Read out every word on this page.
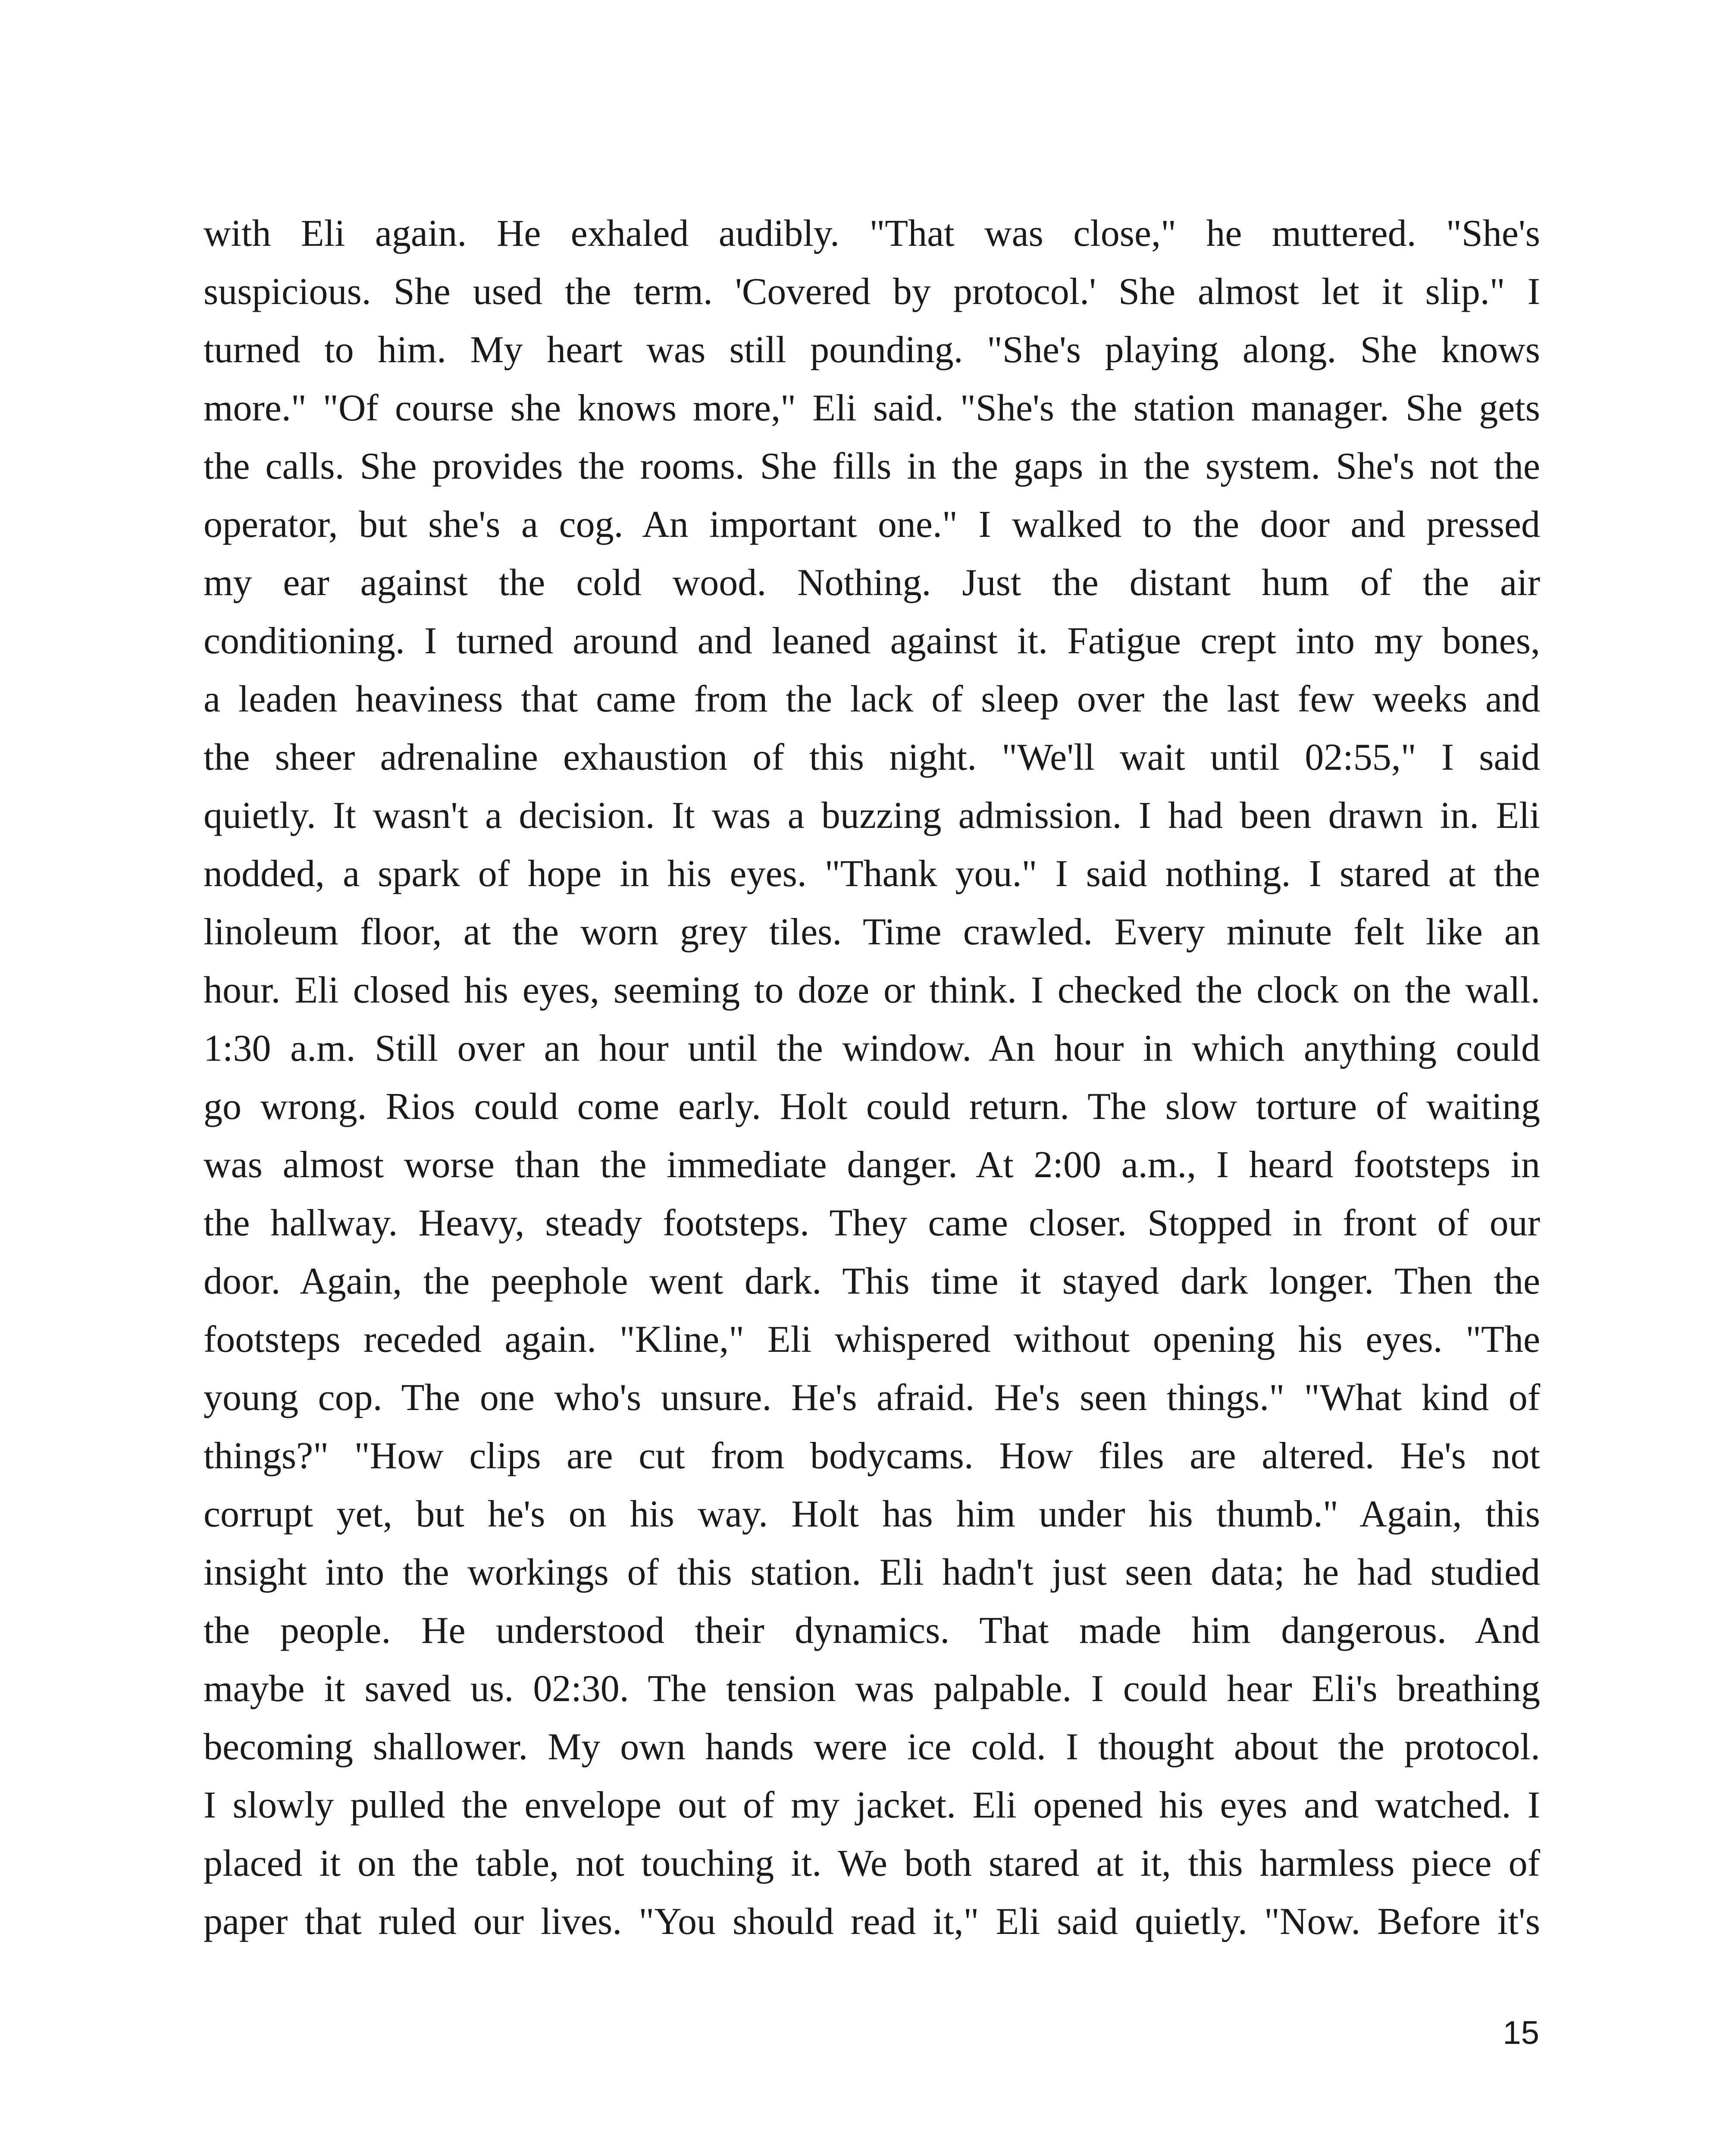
with Eli again. He exhaled audibly. "That was close," he muttered. "She's
suspicious. She used the term. 'Covered by protocol.' She almost let it slip." I
turned to him. My heart was still pounding. "She's playing along. She knows
more." "Of course she knows more," Eli said. "She's the station manager. She gets
the calls. She provides the rooms. She fills in the gaps in the system. She's not the
operator, but she's a cog. An important one." I walked to the door and pressed
my ear against the cold wood. Nothing. Just the distant hum of the air
conditioning. I turned around and leaned against it. Fatigue crept into my bones,
a leaden heaviness that came from the lack of sleep over the last few weeks and
the sheer adrenaline exhaustion of this night. "We'll wait until 02:55," I said
quietly. It wasn't a decision. It was a buzzing admission. I had been drawn in. Eli
nodded, a spark of hope in his eyes. "Thank you." I said nothing. I stared at the
linoleum floor, at the worn grey tiles. Time crawled. Every minute felt like an
hour. Eli closed his eyes, seeming to doze or think. I checked the clock on the wall.
1:30 a.m. Still over an hour until the window. An hour in which anything could
go wrong. Rios could come early. Holt could return. The slow torture of waiting
was almost worse than the immediate danger. At 2:00 a.m., I heard footsteps in
the hallway. Heavy, steady footsteps. They came closer. Stopped in front of our
door. Again, the peephole went dark. This time it stayed dark longer. Then the
footsteps receded again. "Kline," Eli whispered without opening his eyes. "The
young cop. The one who's unsure. He's afraid. He's seen things." "What kind of
things?" "How clips are cut from bodycams. How files are altered. He's not
corrupt yet, but he's on his way. Holt has him under his thumb." Again, this
insight into the workings of this station. Eli hadn't just seen data; he had studied
the people. He understood their dynamics. That made him dangerous. And
maybe it saved us. 02:30. The tension was palpable. I could hear Eli's breathing
becoming shallower. My own hands were ice cold. I thought about the protocol.
I slowly pulled the envelope out of my jacket. Eli opened his eyes and watched. I
placed it on the table, not touching it. We both stared at it, this harmless piece of
paper that ruled our lives. "You should read it," Eli said quietly. "Now. Before it's
15
